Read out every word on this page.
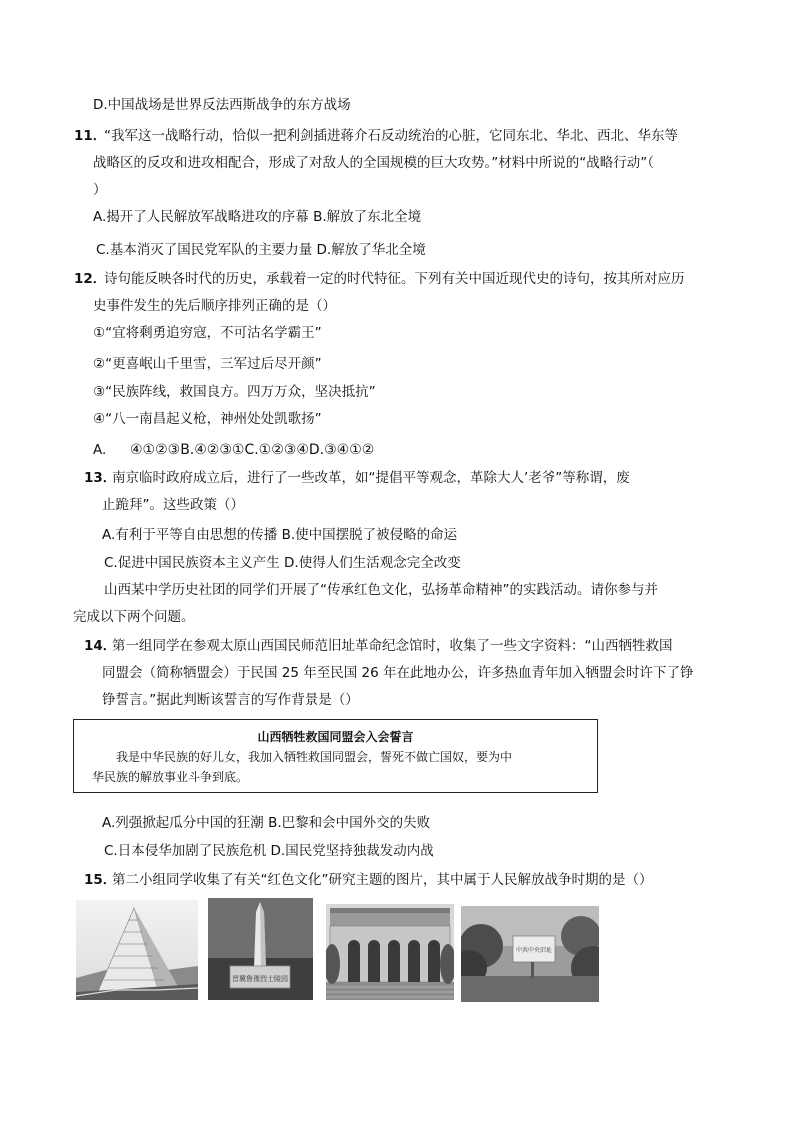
D.中国战场是世界反法西斯战争的东方战场
11．
“我军这一战略行动，恰似一把利剑插进蒋介石反动统治的心脏，它同东北、华北、西北、华东等
战略区的反攻和进攻相配合，形成了对敌人的全国规模的巨大攻势。”材料中所说的“战略行动”（
）
A.揭开了人民解放军战略进攻的序幕 B.解放了东北全境
C.基本消灭了国民党军队的主要力量 D.解放了华北全境
12．
诗句能反映各时代的历史，承载着一定的时代特征。下列有关中国近现代史的诗句，按其所对应历
史事件发生的先后顺序排列正确的是（）
①“宜将剩勇追穷寇，不可沽名学霸王”
②“更喜岷山千里雪，三军过后尽开颜”
③“民族阵线，救国良方。四万万众，坚决抵抗”
④“八一南昌起义枪，神州处处凯歌扬”
A. ④①②③B.④②③①C.①②③④D.③④①②
13．
南京临时政府成立后，进行了一些改革，如“提倡平等观念，革除大人’老爷”等称谓，废
止跪拜”。这些政策（）
A.有利于平等自由思想的传播 B.使中国摆脱了被侵略的命运
C.促进中国民族资本主义产生 D.使得人们生活观念完全改变
山西某中学历史社团的同学们开展了“传承红色文化，弘扬革命精神”的实践活动。请你参与并
完成以下两个问题。
14．
第一组同学在参观太原山西国民师范旧址革命纪念馆时，收集了一些文字资料：“山西牺牲救国
同盟会（简称牺盟会）于民国 25 年至民国 26 年在此地办公，许多热血青年加入牺盟会时许下了铮
铮誓言。”据此判断该誓言的写作背景是（）
山西牺牲救国同盟会入会誓言
我是中华民族的好儿女，我加入牺牲救国同盟会，誓死不做亡国奴，要为中
华民族的解放事业斗争到底。
A.列强掀起瓜分中国的狂潮 B.巴黎和会中国外交的失败
C.日本侵华加剧了民族危机 D.国民党坚持独裁发动内战
15．
第二小组同学收集了有关“红色文化”研究主题的图片，其中属于人民解放战争时期的是（）
晋冀鲁豫烈士陵园
中共中央旧址
